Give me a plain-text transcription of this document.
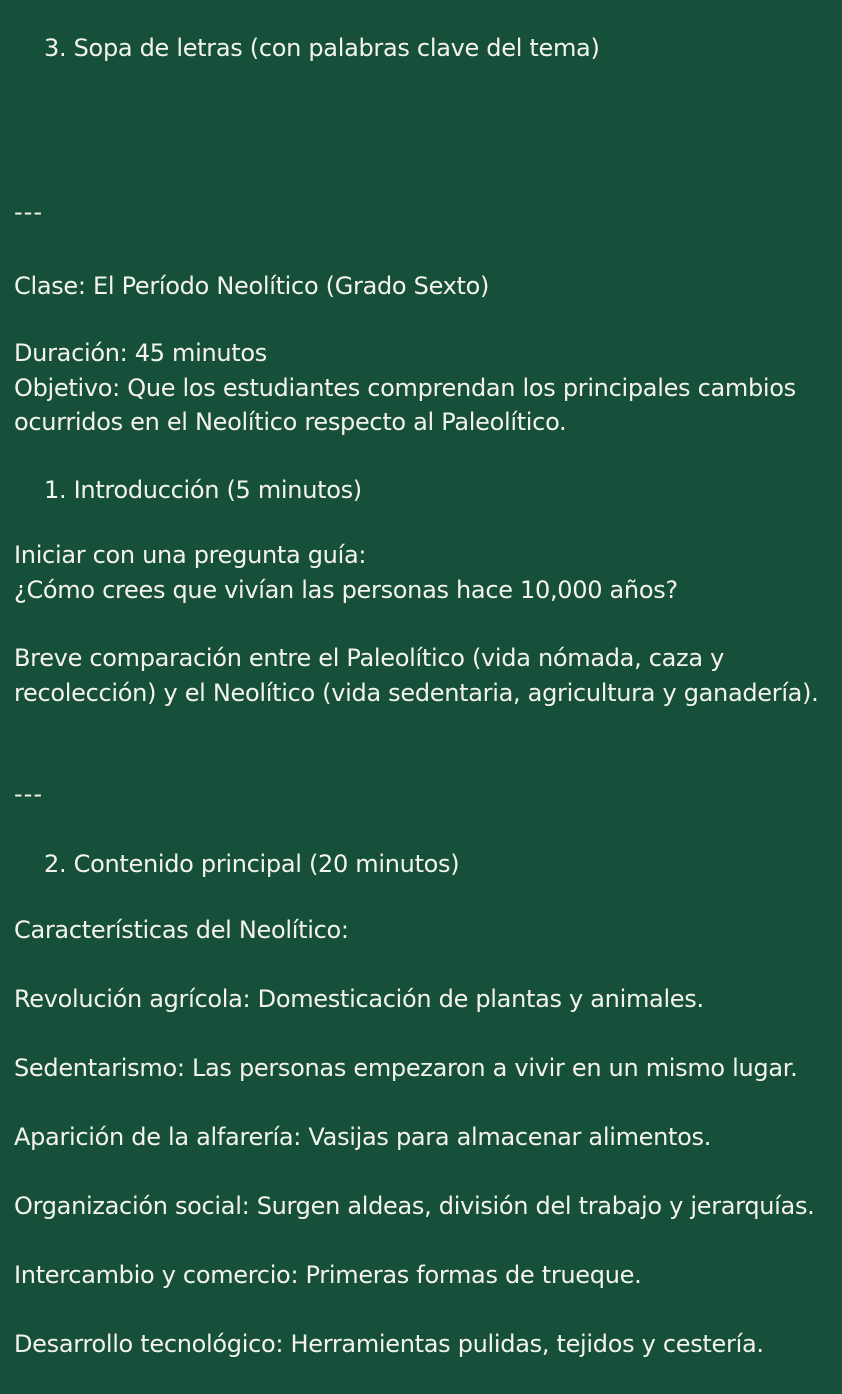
3. Sopa de letras (con palabras clave del tema)
---
Clase: El Período Neolítico (Grado Sexto)
Duración: 45 minutos
Objetivo: Que los estudiantes comprendan los principales cambios
ocurridos en el Neolítico respecto al Paleolítico.
1. Introducción (5 minutos)
Iniciar con una pregunta guía:
¿Cómo crees que vivían las personas hace 10,000 años?
Breve comparación entre el Paleolítico (vida nómada, caza y
recolección) y el Neolítico (vida sedentaria, agricultura y ganadería).
---
2. Contenido principal (20 minutos)
Características del Neolítico:
Revolución agrícola: Domesticación de plantas y animales.
Sedentarismo: Las personas empezaron a vivir en un mismo lugar.
Aparición de la alfarería: Vasijas para almacenar alimentos.
Organización social: Surgen aldeas, división del trabajo y jerarquías.
Intercambio y comercio: Primeras formas de trueque.
Desarrollo tecnológico: Herramientas pulidas, tejidos y cestería.
